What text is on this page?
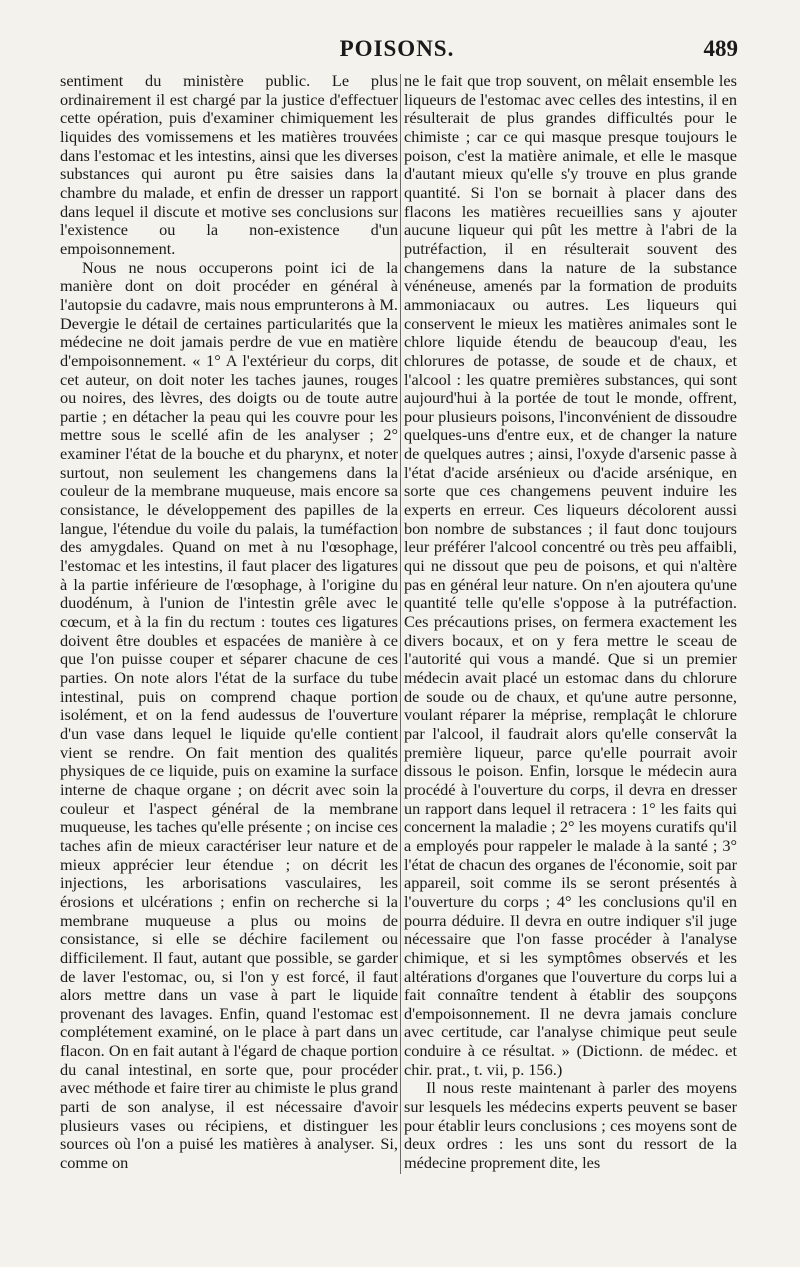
POISONS.	489

sentiment du ministère public. Le plus ordinairement il est chargé par la justice d'effectuer cette opération, puis d'examiner chimiquement les liquides des vomissemens et les matières trouvées dans l'estomac et les intestins, ainsi que les diverses substances qui auront pu être saisies dans la chambre du malade, et enfin de dresser un rapport dans lequel il discute et motive ses conclusions sur l'existence ou la non-existence d'un empoisonnement.

Nous ne nous occuperons point ici de la manière dont on doit procéder en général à l'autopsie du cadavre, mais nous emprunterons à M. Devergie le détail de certaines particularités que la médecine ne doit jamais perdre de vue en matière d'empoisonnement. « 1° A l'extérieur du corps, dit cet auteur, on doit noter les taches jaunes, rouges ou noires, des lèvres, des doigts ou de toute autre partie ; en détacher la peau qui les couvre pour les mettre sous le scellé afin de les analyser ; 2° examiner l'état de la bouche et du pharynx, et noter surtout, non seulement les changemens dans la couleur de la membrane muqueuse, mais encore sa consistance, le développement des papilles de la langue, l'étendue du voile du palais, la tuméfaction des amygdales. Quand on met à nu l'œsophage, l'estomac et les intestins, il faut placer des ligatures à la partie inférieure de l'œsophage, à l'origine du duodénum, à l'union de l'intestin grêle avec le cœcum, et à la fin du rectum : toutes ces ligatures doivent être doubles et espacées de manière à ce que l'on puisse couper et séparer chacune de ces parties. On note alors l'état de la surface du tube intestinal, puis on comprend chaque portion isolément, et on la fend audessus de l'ouverture d'un vase dans lequel le liquide qu'elle contient vient se rendre. On fait mention des qualités physiques de ce liquide, puis on examine la surface interne de chaque organe ; on décrit avec soin la couleur et l'aspect général de la membrane muqueuse, les taches qu'elle présente ; on incise ces taches afin de mieux caractériser leur nature et de mieux apprécier leur étendue ; on décrit les injections, les arborisations vasculaires, les érosions et ulcérations ; enfin on recherche si la membrane muqueuse a plus ou moins de consistance, si elle se déchire facilement ou difficilement. Il faut, autant que possible, se garder de laver l'estomac, ou, si l'on y est forcé, il faut alors mettre dans un vase à part le liquide provenant des lavages. Enfin, quand l'estomac est complétement examiné, on le place à part dans un flacon. On en fait autant à l'égard de chaque portion du canal intestinal, en sorte que, pour procéder avec méthode et faire tirer au chimiste le plus grand parti de son analyse, il est nécessaire d'avoir plusieurs vases ou récipiens, et distinguer les sources où l'on a puisé les matières à analyser. Si, comme on

ne le fait que trop souvent, on mêlait ensemble les liqueurs de l'estomac avec celles des intestins, il en résulterait de plus grandes difficultés pour le chimiste ; car ce qui masque presque toujours le poison, c'est la matière animale, et elle le masque d'autant mieux qu'elle s'y trouve en plus grande quantité. Si l'on se bornait à placer dans des flacons les matières recueillies sans y ajouter aucune liqueur qui pût les mettre à l'abri de la putréfaction, il en résulterait souvent des changemens dans la nature de la substance vénéneuse, amenés par la formation de produits ammoniacaux ou autres. Les liqueurs qui conservent le mieux les matières animales sont le chlore liquide étendu de beaucoup d'eau, les chlorures de potasse, de soude et de chaux, et l'alcool : les quatre premières substances, qui sont aujourd'hui à la portée de tout le monde, offrent, pour plusieurs poisons, l'inconvénient de dissoudre quelques-uns d'entre eux, et de changer la nature de quelques autres ; ainsi, l'oxyde d'arsenic passe à l'état d'acide arsénieux ou d'acide arsénique, en sorte que ces changemens peuvent induire les experts en erreur. Ces liqueurs décolorent aussi bon nombre de substances ; il faut donc toujours leur préférer l'alcool concentré ou très peu affaibli, qui ne dissout que peu de poisons, et qui n'altère pas en général leur nature. On n'en ajoutera qu'une quantité telle qu'elle s'oppose à la putréfaction. Ces précautions prises, on fermera exactement les divers bocaux, et on y fera mettre le sceau de l'autorité qui vous a mandé. Que si un premier médecin avait placé un estomac dans du chlorure de soude ou de chaux, et qu'une autre personne, voulant réparer la méprise, remplaçât le chlorure par l'alcool, il faudrait alors qu'elle conservât la première liqueur, parce qu'elle pourrait avoir dissous le poison. Enfin, lorsque le médecin aura procédé à l'ouverture du corps, il devra en dresser un rapport dans lequel il retracera : 1° les faits qui concernent la maladie ; 2° les moyens curatifs qu'il a employés pour rappeler le malade à la santé ; 3° l'état de chacun des organes de l'économie, soit par appareil, soit comme ils se seront présentés à l'ouverture du corps ; 4° les conclusions qu'il en pourra déduire. Il devra en outre indiquer s'il juge nécessaire que l'on fasse procéder à l'analyse chimique, et si les symptômes observés et les altérations d'organes que l'ouverture du corps lui a fait connaître tendent à établir des soupçons d'empoisonnement. Il ne devra jamais conclure avec certitude, car l'analyse chimique peut seule conduire à ce résultat. » (Dictionn. de médec. et chir. prat., t. vii, p. 156.)

Il nous reste maintenant à parler des moyens sur lesquels les médecins experts peuvent se baser pour établir leurs conclusions ; ces moyens sont de deux ordres : les uns sont du ressort de la médecine proprement dite, les
